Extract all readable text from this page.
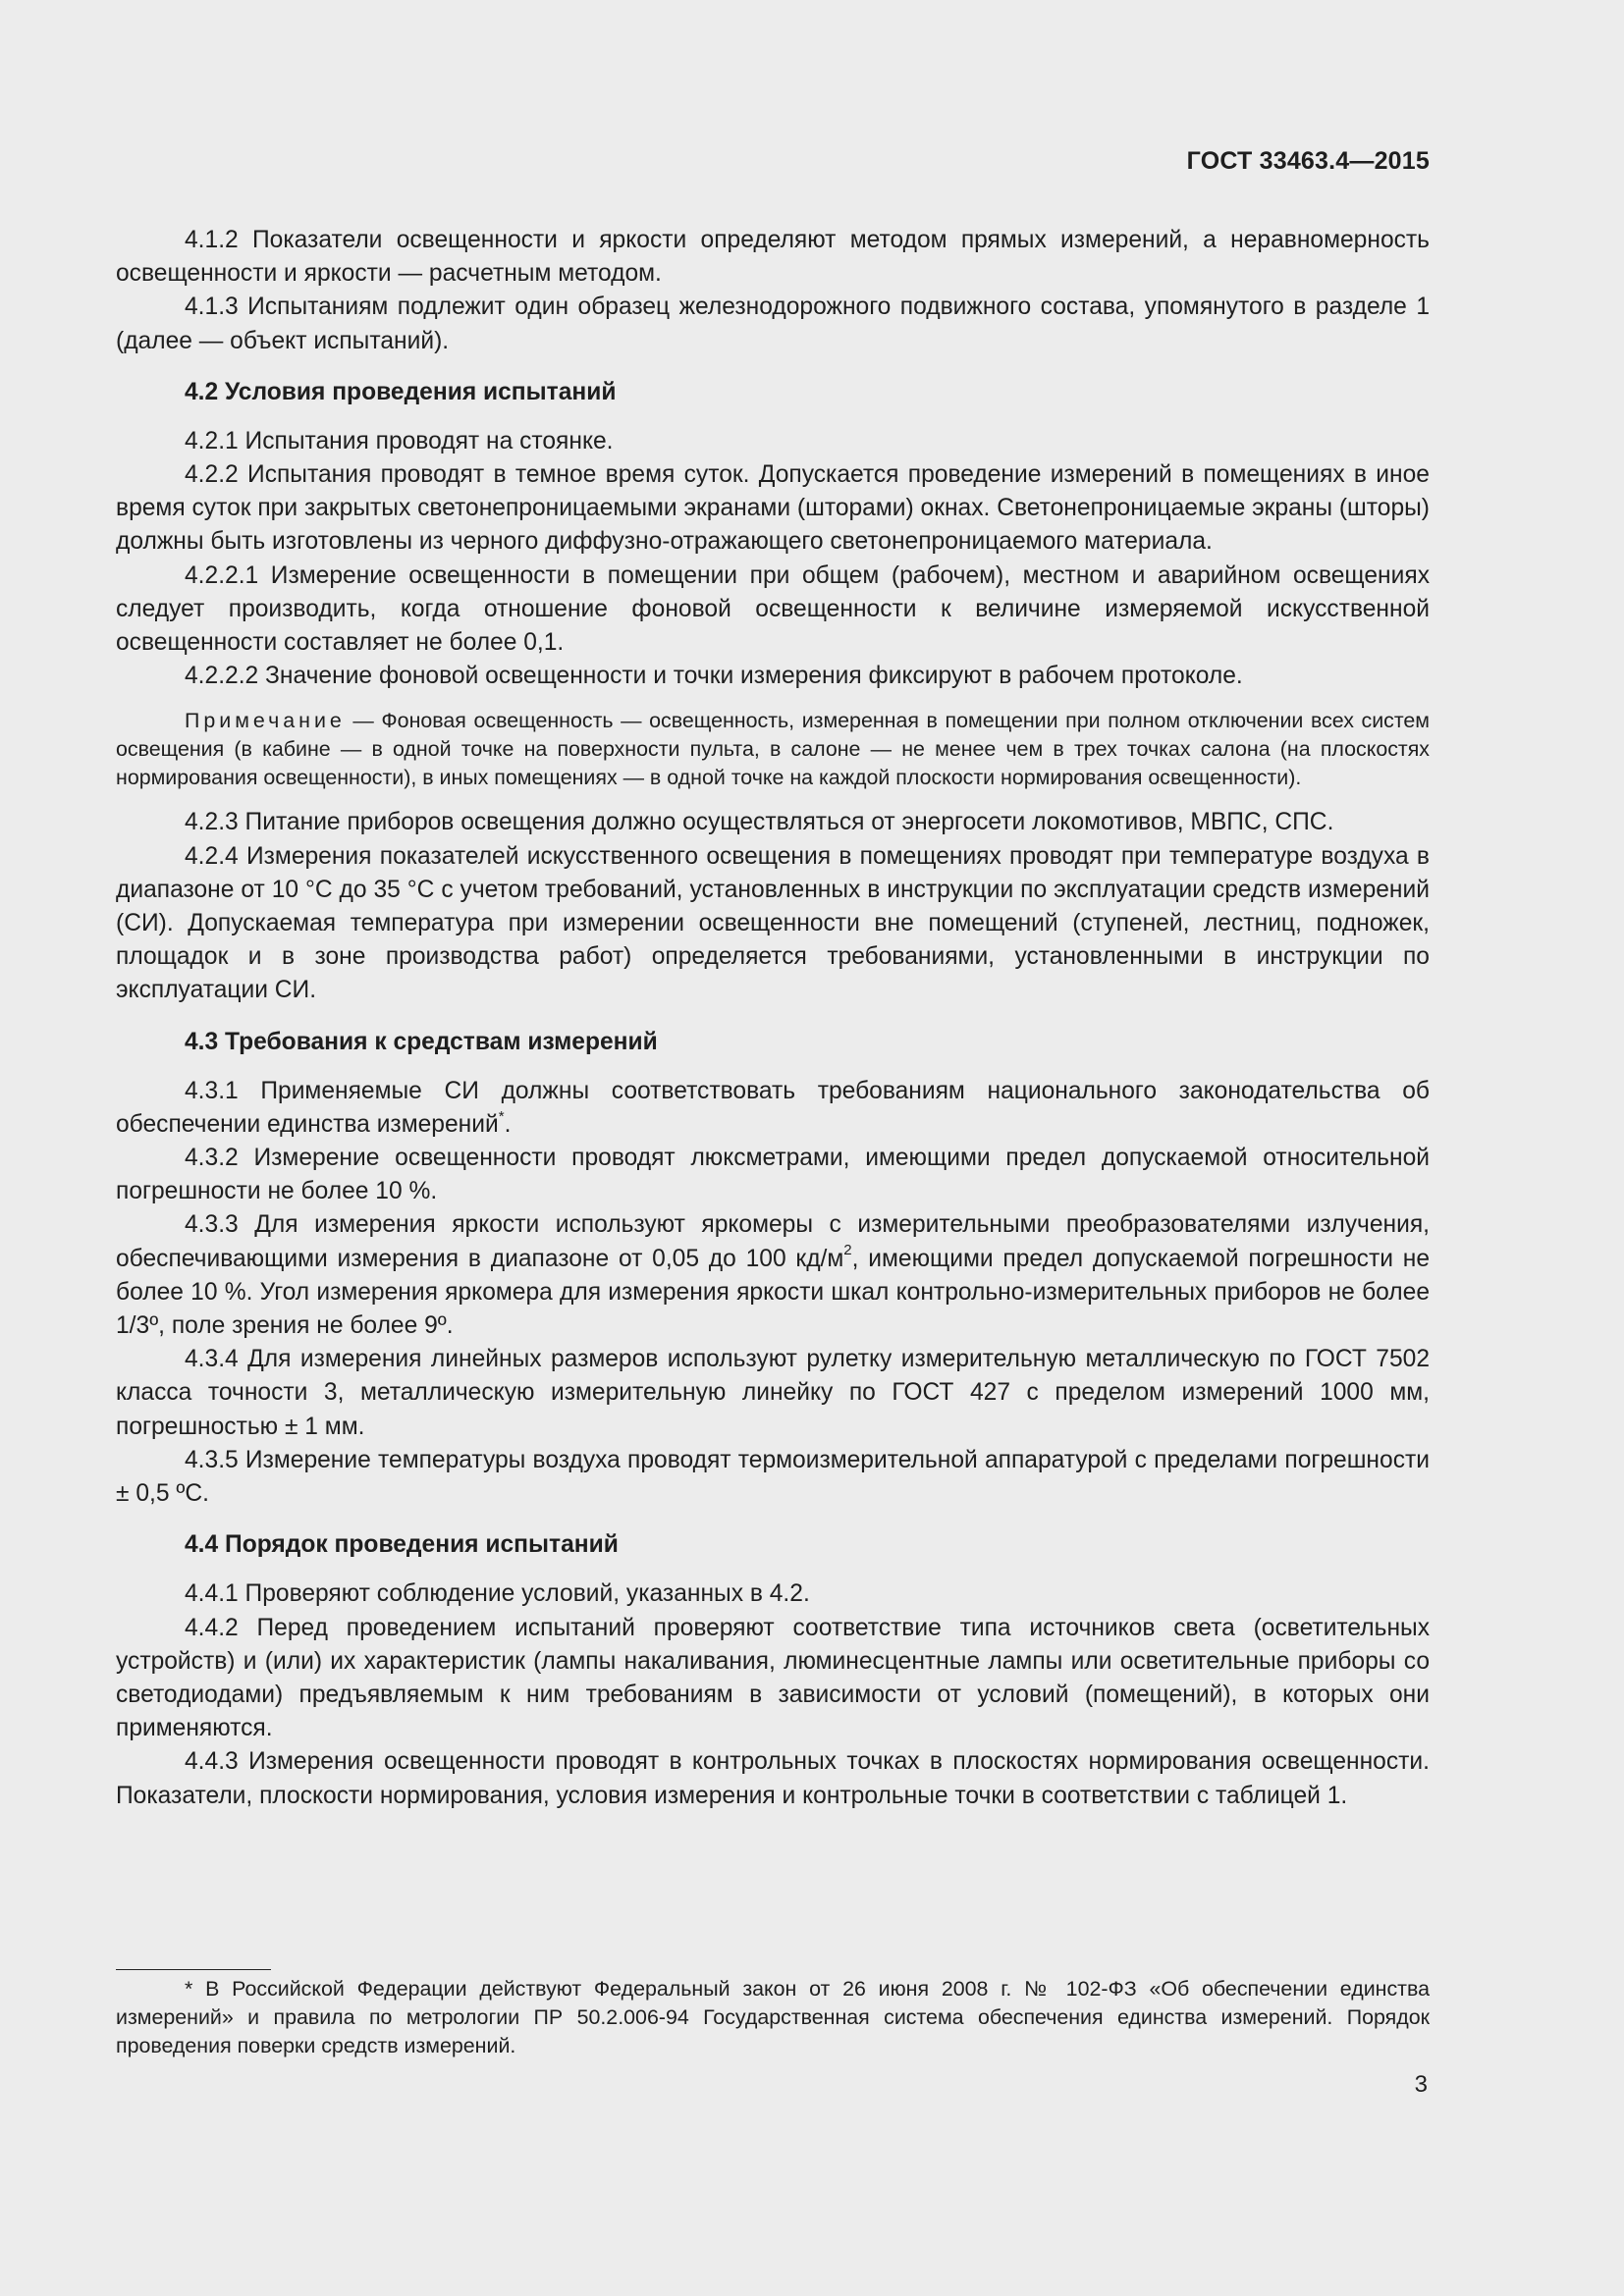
ГОСТ 33463.4—2015

4.1.2 Показатели освещенности и яркости определяют методом прямых измерений, а неравномерность освещенности и яркости — расчетным методом.

4.1.3 Испытаниям подлежит один образец железнодорожного подвижного состава, упомянутого в разделе 1 (далее — объект испытаний).

4.2 Условия проведения испытаний

4.2.1 Испытания проводят на стоянке.

4.2.2 Испытания проводят в темное время суток. Допускается проведение измерений в помещениях в иное время суток при закрытых светонепроницаемыми экранами (шторами) окнах. Светонепроницаемые экраны (шторы) должны быть изготовлены из черного диффузно-отражающего светонепроницаемого материала.

4.2.2.1 Измерение освещенности в помещении при общем (рабочем), местном и аварийном освещениях следует производить, когда отношение фоновой освещенности к величине измеряемой искусственной освещенности составляет не более 0,1.

4.2.2.2 Значение фоновой освещенности и точки измерения фиксируют в рабочем протоколе.

Примечание — Фоновая освещенность — освещенность, измеренная в помещении при полном отключении всех систем освещения (в кабине — в одной точке на поверхности пульта, в салоне — не менее чем в трех точках салона (на плоскостях нормирования освещенности), в иных помещениях — в одной точке на каждой плоскости нормирования освещенности).

4.2.3 Питание приборов освещения должно осуществляться от энергосети локомотивов, МВПС, СПС.

4.2.4 Измерения показателей искусственного освещения в помещениях проводят при температуре воздуха в диапазоне от 10 °С до 35 °С с учетом требований, установленных в инструкции по эксплуатации средств измерений (СИ). Допускаемая температура при измерении освещенности вне помещений (ступеней, лестниц, подножек, площадок и в зоне производства работ) определяется требованиями, установленными в инструкции по эксплуатации СИ.

4.3 Требования к средствам измерений

4.3.1 Применяемые СИ должны соответствовать требованиям национального законодательства об обеспечении единства измерений*.

4.3.2 Измерение освещенности проводят люксметрами, имеющими предел допускаемой относительной погрешности не более 10 %.

4.3.3 Для измерения яркости используют яркомеры с измерительными преобразователями излучения, обеспечивающими измерения в диапазоне от 0,05 до 100 $кд/м^2$, имеющими предел допускаемой погрешности не более 10 %. Угол измерения яркомера для измерения яркости шкал контрольно-измерительных приборов не более 1/3º, поле зрения не более 9º.

4.3.4 Для измерения линейных размеров используют рулетку измерительную металлическую по ГОСТ 7502 класса точности 3, металлическую измерительную линейку по ГОСТ 427 с пределом измерений 1000 мм, погрешностью ± 1 мм.

4.3.5 Измерение температуры воздуха проводят термоизмерительной аппаратурой с пределами погрешности ± 0,5 ºС.

4.4 Порядок проведения испытаний

4.4.1 Проверяют соблюдение условий, указанных в 4.2.

4.4.2 Перед проведением испытаний проверяют соответствие типа источников света (осветительных устройств) и (или) их характеристик (лампы накаливания, люминесцентные лампы или осветительные приборы со светодиодами) предъявляемым к ним требованиям в зависимости от условий (помещений), в которых они применяются.

4.4.3 Измерения освещенности проводят в контрольных точках в плоскостях нормирования освещенности. Показатели, плоскости нормирования, условия измерения и контрольные точки в соответствии с таблицей 1.

* В Российской Федерации действуют Федеральный закон от 26 июня 2008 г. № 102-ФЗ «Об обеспечении единства измерений» и правила по метрологии ПР 50.2.006-94 Государственная система обеспечения единства измерений. Порядок проведения поверки средств измерений.
3
